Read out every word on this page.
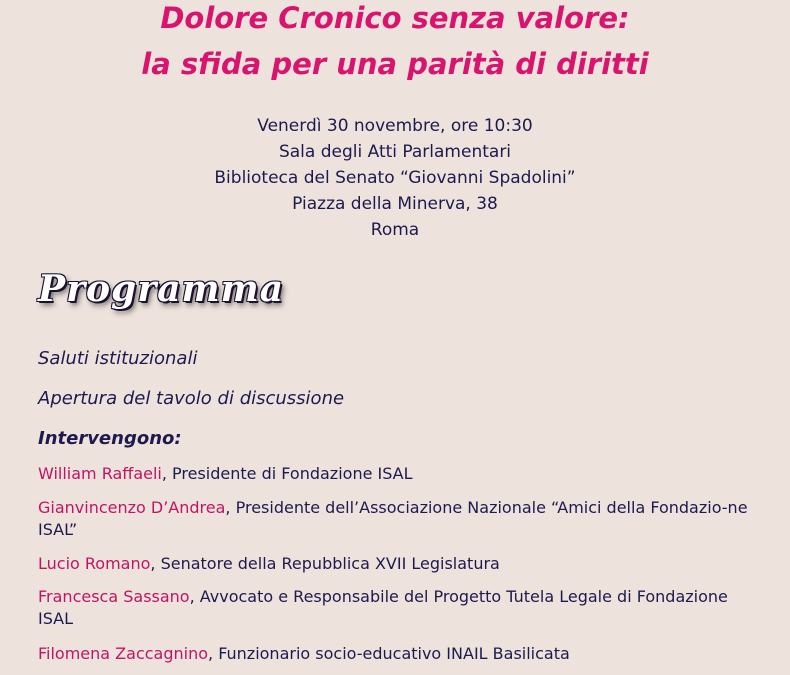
Dolore Cronico senza valore:
la sfida per una parità di diritti
Venerdì 30 novembre, ore 10:30
Sala degli Atti Parlamentari
Biblioteca del Senato “Giovanni Spadolini”
Piazza della Minerva, 38
Roma
Programma
Saluti istituzionali
Apertura del tavolo di discussione
Intervengono:
William Raffaeli, Presidente di Fondazione ISAL
Gianvincenzo D’Andrea, Presidente dell’Associazione Nazionale “Amici della Fondazio-ne ISAL”
Lucio Romano, Senatore della Repubblica XVII Legislatura
Francesca Sassano, Avvocato e Responsabile del Progetto Tutela Legale di Fondazione ISAL
Filomena Zaccagnino, Funzionario socio-educativo INAIL Basilicata
